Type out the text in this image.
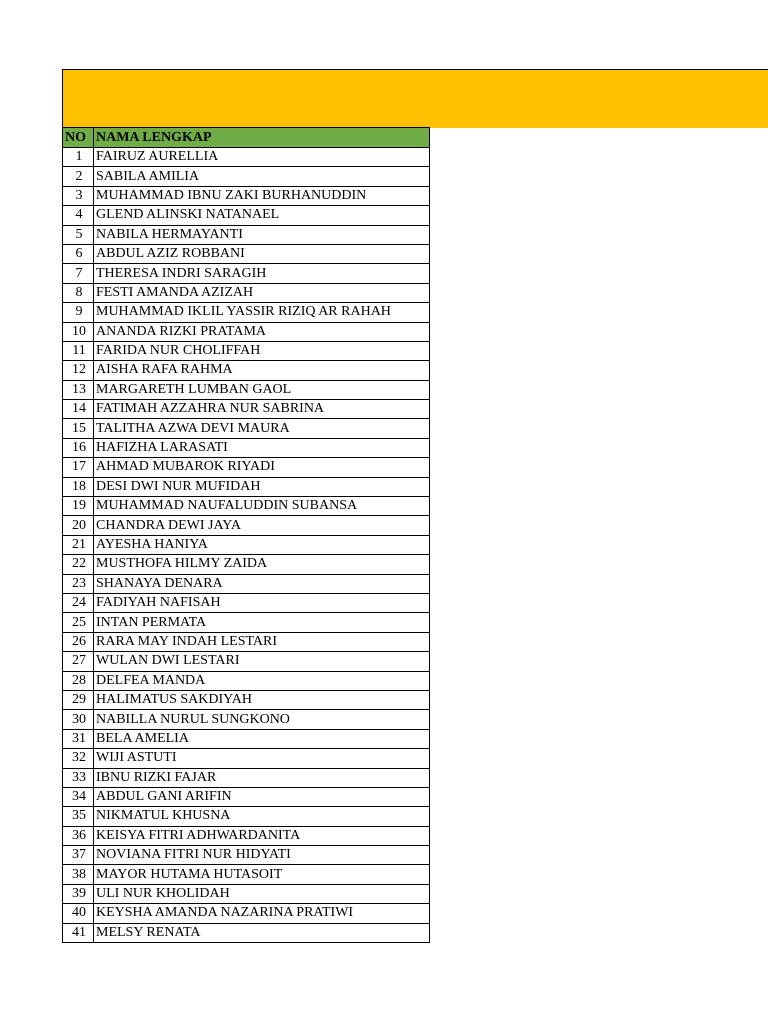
NO	NAMA LENGKAP
1	FAIRUZ AURELLIA
2	SABILA AMILIA
3	MUHAMMAD IBNU ZAKI BURHANUDDIN
4	GLEND ALINSKI NATANAEL
5	NABILA HERMAYANTI
6	ABDUL AZIZ ROBBANI
7	THERESA INDRI SARAGIH
8	FESTI AMANDA AZIZAH
9	MUHAMMAD IKLIL YASSIR RIZIQ AR RAHAH
10	ANANDA RIZKI PRATAMA
11	FARIDA NUR CHOLIFFAH
12	AISHA RAFA RAHMA
13	MARGARETH LUMBAN GAOL
14	FATIMAH AZZAHRA NUR SABRINA
15	TALITHA AZWA DEVI MAURA
16	HAFIZHA LARASATI
17	AHMAD MUBAROK RIYADI
18	DESI DWI NUR MUFIDAH
19	MUHAMMAD NAUFALUDDIN SUBANSA
20	CHANDRA DEWI JAYA
21	AYESHA HANIYA
22	MUSTHOFA HILMY ZAIDA
23	SHANAYA DENARA
24	FADIYAH NAFISAH
25	INTAN PERMATA
26	RARA MAY INDAH LESTARI
27	WULAN DWI LESTARI
28	DELFEA MANDA
29	HALIMATUS SAKDIYAH
30	NABILLA NURUL SUNGKONO
31	BELA AMELIA
32	WIJI ASTUTI
33	IBNU RIZKI FAJAR
34	ABDUL GANI ARIFIN
35	NIKMATUL KHUSNA
36	KEISYA FITRI ADHWARDANITA
37	NOVIANA FITRI NUR HIDYATI
38	MAYOR HUTAMA HUTASOIT
39	ULI NUR KHOLIDAH
40	KEYSHA AMANDA NAZARINA PRATIWI
41	MELSY RENATA
